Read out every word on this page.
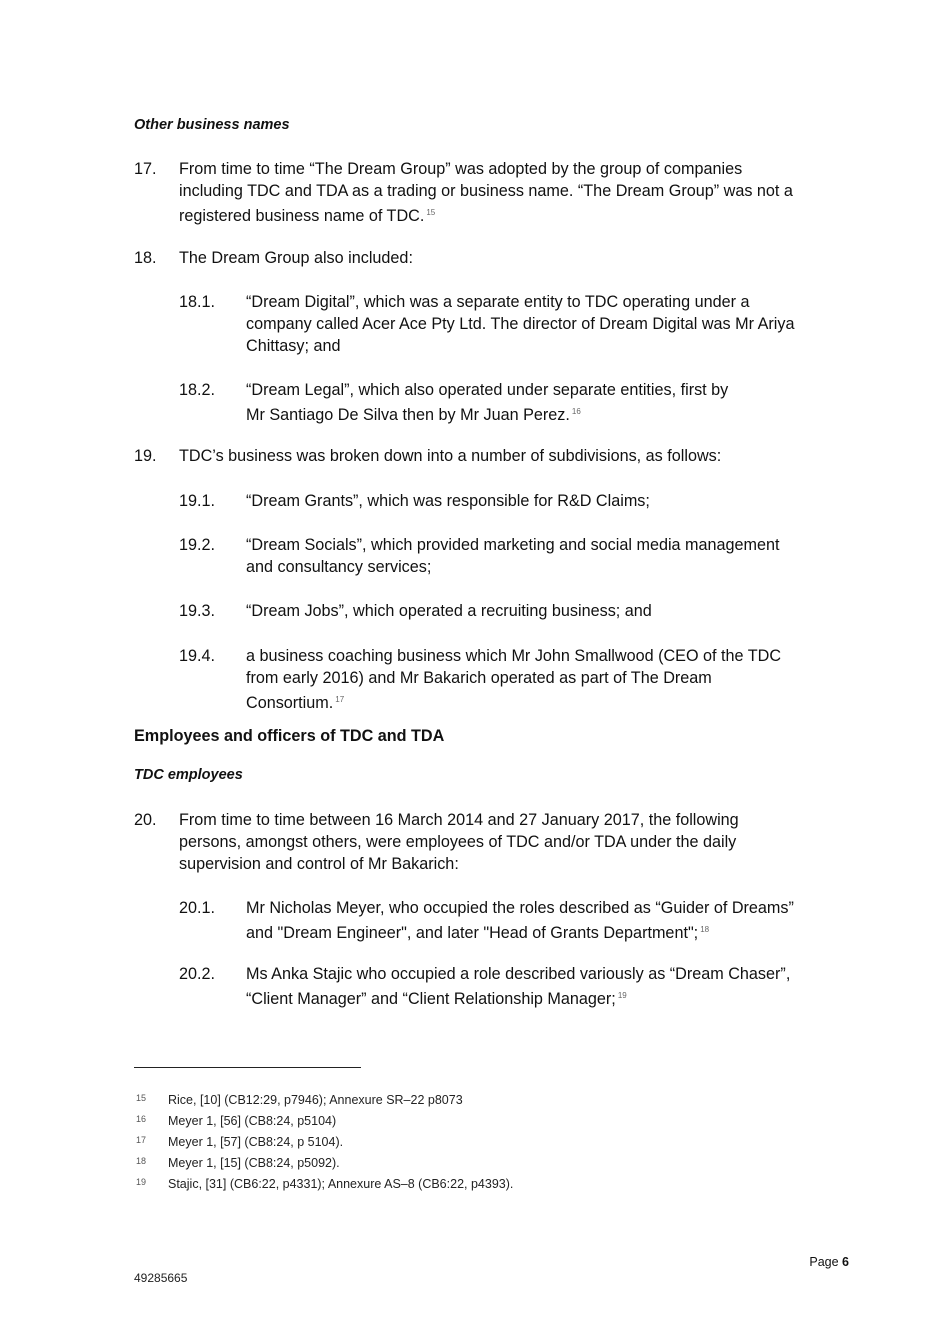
Other business names
17. From time to time “The Dream Group” was adopted by the group of companies
including TDC and TDA as a trading or business name. “The Dream Group” was not a
registered business name of TDC. $^{15}$
18. The Dream Group also included:
18.1. “Dream Digital”, which was a separate entity to TDC operating under a
company called Acer Ace Pty Ltd. The director of Dream Digital was Mr Ariya
Chittasy; and
18.2. “Dream Legal”, which also operated under separate entities, first by
Mr Santiago De Silva then by Mr Juan Perez. $^{16}$
19. TDC’s business was broken down into a number of subdivisions, as follows:
19.1. “Dream Grants”, which was responsible for R&D Claims;
19.2. “Dream Socials”, which provided marketing and social media management
and consultancy services;
19.3. “Dream Jobs”, which operated a recruiting business; and
19.4. a business coaching business which Mr John Smallwood (CEO of the TDC
from early 2016) and Mr Bakarich operated as part of The Dream
Consortium. $^{17}$
Employees and officers of TDC and TDA
TDC employees
20. From time to time between 16 March 2014 and 27 January 2017, the following
persons, amongst others, were employees of TDC and/or TDA under the daily
supervision and control of Mr Bakarich:
20.1. Mr Nicholas Meyer, who occupied the roles described as “Guider of Dreams”
and "Dream Engineer", and later "Head of Grants Department"; $^{18}$
20.2. Ms Anka Stajic who occupied a role described variously as “Dream Chaser”,
“Client Manager” and “Client Relationship Manager; $^{19}$
15 Rice, [10] (CB12:29, p7946); Annexure SR–22 p8073
16 Meyer 1, [56] (CB8:24, p5104)
17 Meyer 1, [57] (CB8:24, p 5104).
18 Meyer 1, [15] (CB8:24, p5092).
19 Stajic, [31] (CB6:22, p4331); Annexure AS–8 (CB6:22, p4393).
Page 6
49285665
